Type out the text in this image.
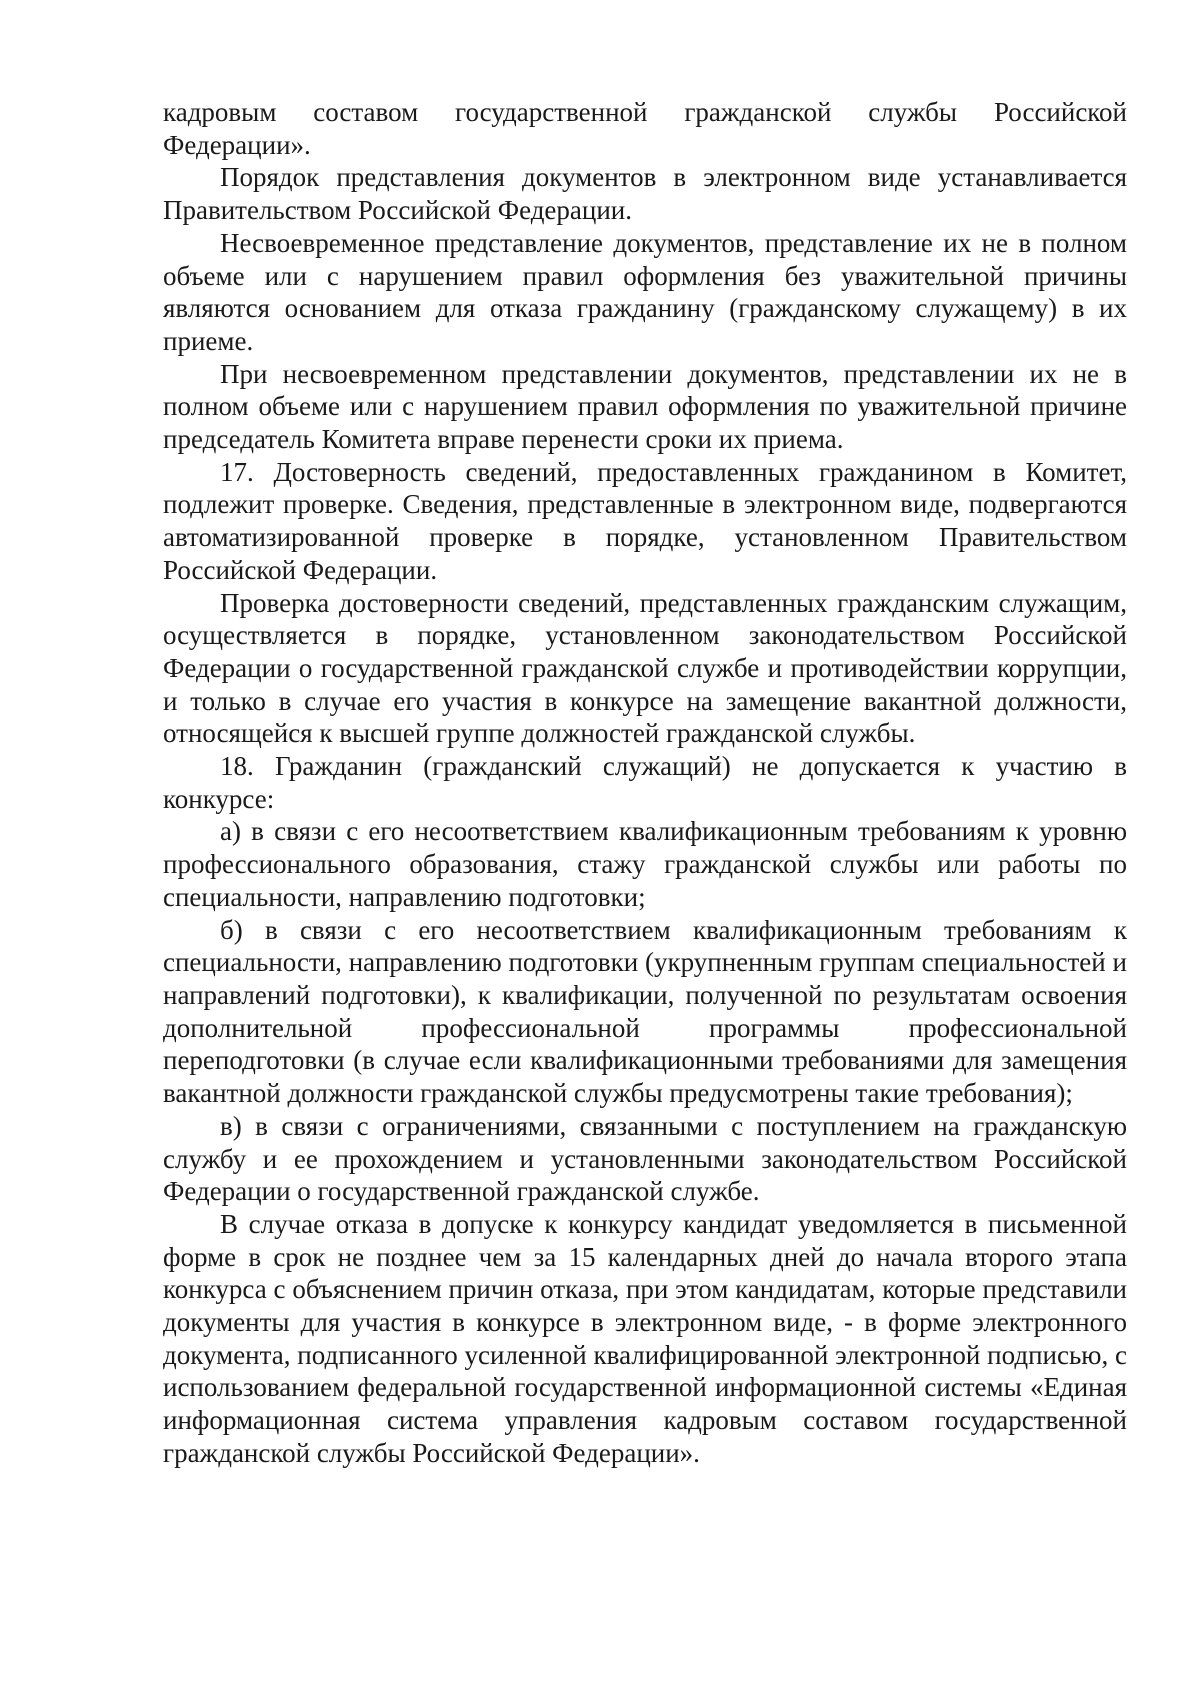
кадровым составом государственной гражданской службы Российской Федерации».

Порядок представления документов в электронном виде устанавливается Правительством Российской Федерации.

Несвоевременное представление документов, представление их не в полном объеме или с нарушением правил оформления без уважительной причины являются основанием для отказа гражданину (гражданскому служащему) в их приеме.

При несвоевременном представлении документов, представлении их не в полном объеме или с нарушением правил оформления по уважительной причине председатель Комитета вправе перенести сроки их приема.

17. Достоверность сведений, предоставленных гражданином в Комитет, подлежит проверке. Сведения, представленные в электронном виде, подвергаются автоматизированной проверке в порядке, установленном Правительством Российской Федерации.

Проверка достоверности сведений, представленных гражданским служащим, осуществляется в порядке, установленном законодательством Российской Федерации о государственной гражданской службе и противодействии коррупции, и только в случае его участия в конкурсе на замещение вакантной должности, относящейся к высшей группе должностей гражданской службы.

18. Гражданин (гражданский служащий) не допускается к участию в конкурсе:

а) в связи с его несоответствием квалификационным требованиям к уровню профессионального образования, стажу гражданской службы или работы по специальности, направлению подготовки;

б) в связи с его несоответствием квалификационным требованиям к специальности, направлению подготовки (укрупненным группам специальностей и направлений подготовки), к квалификации, полученной по результатам освоения дополнительной профессиональной программы профессиональной переподготовки (в случае если квалификационными требованиями для замещения вакантной должности гражданской службы предусмотрены такие требования);

в) в связи с ограничениями, связанными с поступлением на гражданскую службу и ее прохождением и установленными законодательством Российской Федерации о государственной гражданской службе.

В случае отказа в допуске к конкурсу кандидат уведомляется в письменной форме в срок не позднее чем за 15 календарных дней до начала второго этапа конкурса с объяснением причин отказа, при этом кандидатам, которые представили документы для участия в конкурсе в электронном виде, - в форме электронного документа, подписанного усиленной квалифицированной электронной подписью, с использованием федеральной государственной информационной системы «Единая информационная система управления кадровым составом государственной гражданской службы Российской Федерации».
